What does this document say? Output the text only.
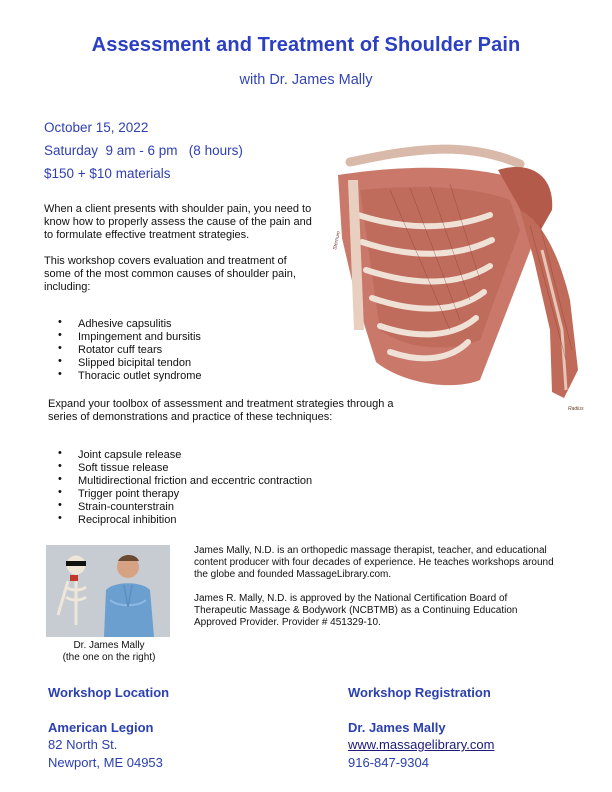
Assessment and Treatment of Shoulder Pain
with Dr. James Mally
October 15, 2022
Saturday  9 am - 6 pm   (8 hours)
$150 + $10 materials

When a client presents with shoulder pain, you need to know how to properly assess the cause of the pain and to formulate effective treatment strategies.

This workshop covers evaluation and treatment of some of the most common causes of shoulder pain, including:

• Adhesive capsulitis
• Impingement and bursitis
• Rotator cuff tears
• Slipped bicipital tendon
• Thoracic outlet syndrome
Expand your toolbox of assessment and treatment strategies through a series of demonstrations and practice of these techniques:
• Joint capsule release
• Soft tissue release
• Multidirectional friction and eccentric contraction
• Trigger point therapy
• Strain-counterstrain
• Reciprocal inhibition
Sternum
Radius
Dr. James Mally
(the one on the right)

James Mally, N.D. is an orthopedic massage therapist, teacher, and educational content producer with four decades of experience. He teaches workshops around the globe and founded MassageLibrary.com.

James R. Mally, N.D. is approved by the National Certification Board of Therapeutic Massage & Bodywork (NCBTMB) as a Continuing Education Approved Provider. Provider # 451329-10.

Workshop Location
American Legion
82 North St.
Newport, ME 04953
Workshop Registration
Dr. James Mally
www.massagelibrary.com
916-847-9304
